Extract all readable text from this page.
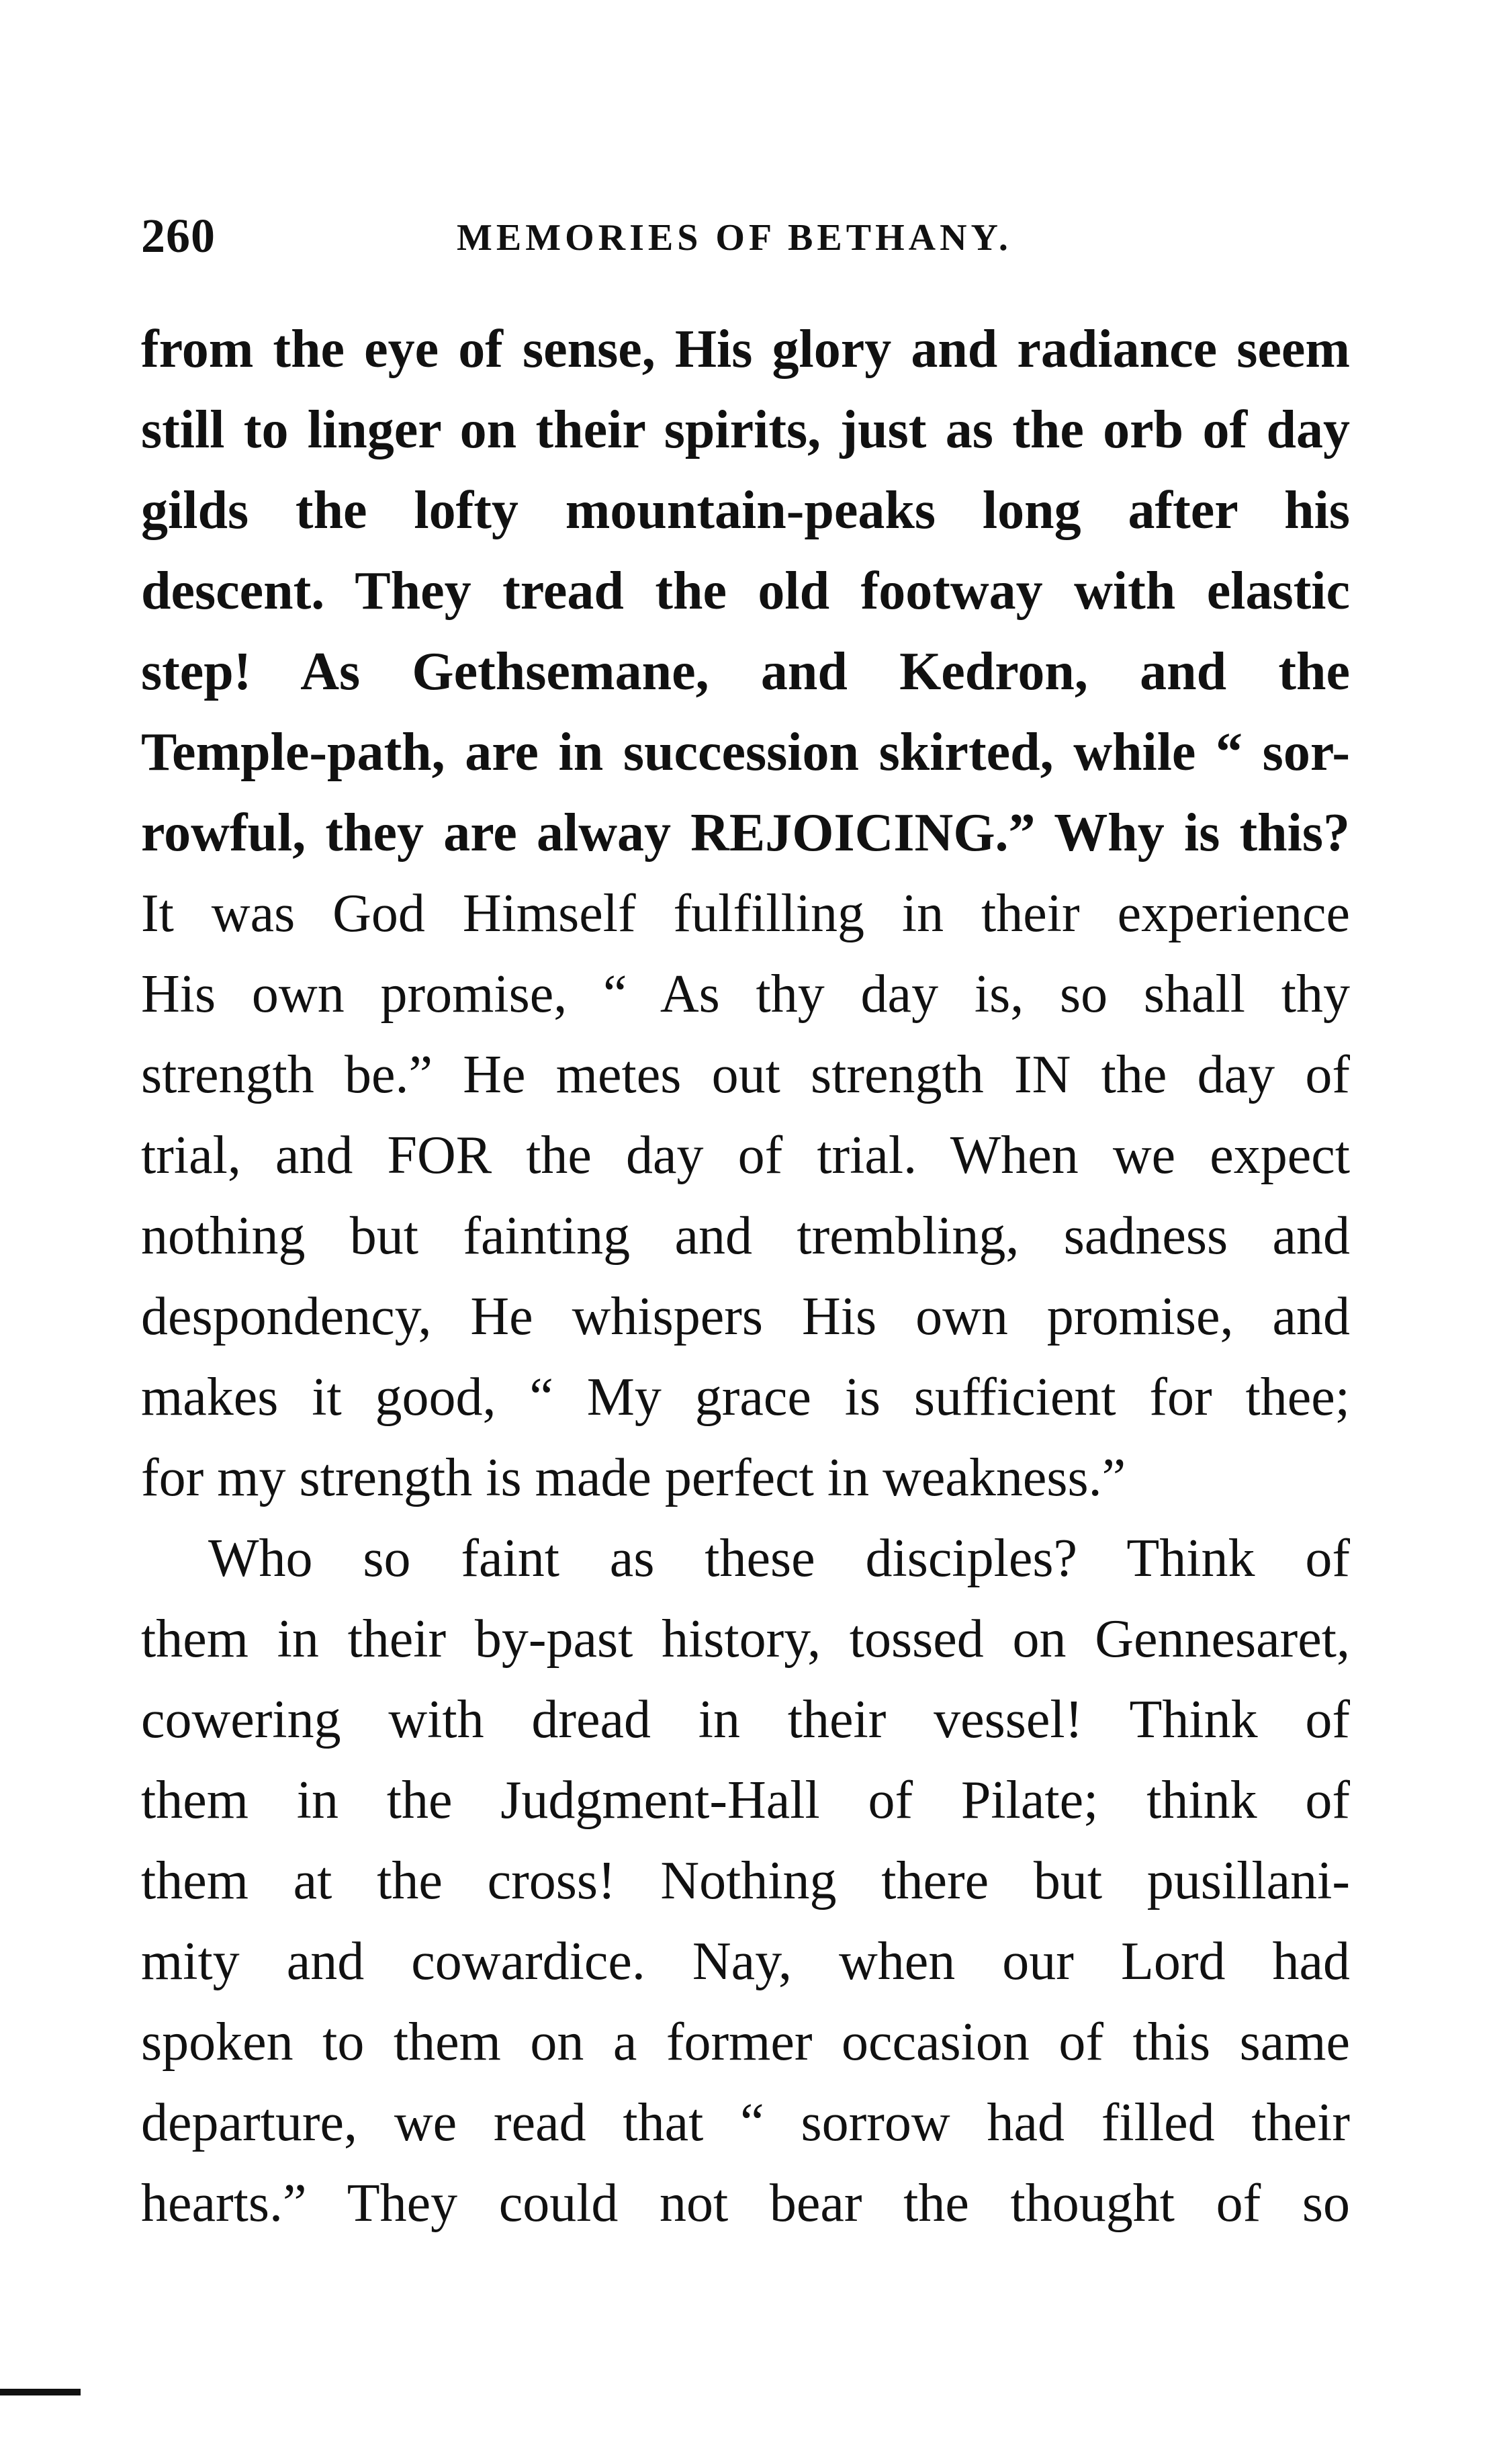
260	MEMORIES OF BETHANY.
from the eye of sense, His glory and radiance seem
still to linger on their spirits, just as the orb of day
gilds the lofty mountain-peaks long after his
descent. They tread the old footway with elastic
step! As Gethsemane, and Kedron, and the
Temple-path, are in succession skirted, while “ sor-
rowful, they are alway REJOICING.” Why is this?
It was God Himself fulfilling in their experience
His own promise, “ As thy day is, so shall thy
strength be.” He metes out strength IN the day of
trial, and FOR the day of trial. When we expect
nothing but fainting and trembling, sadness and
despondency, He whispers His own promise, and
makes it good, “ My grace is sufficient for thee;
for my strength is made perfect in weakness.”
Who so faint as these disciples? Think of
them in their by-past history, tossed on Gennesaret,
cowering with dread in their vessel! Think of
them in the Judgment-Hall of Pilate; think of
them at the cross! Nothing there but pusillani-
mity and cowardice. Nay, when our Lord had
spoken to them on a former occasion of this same
departure, we read that “ sorrow had filled their
hearts.” They could not bear the thought of so
